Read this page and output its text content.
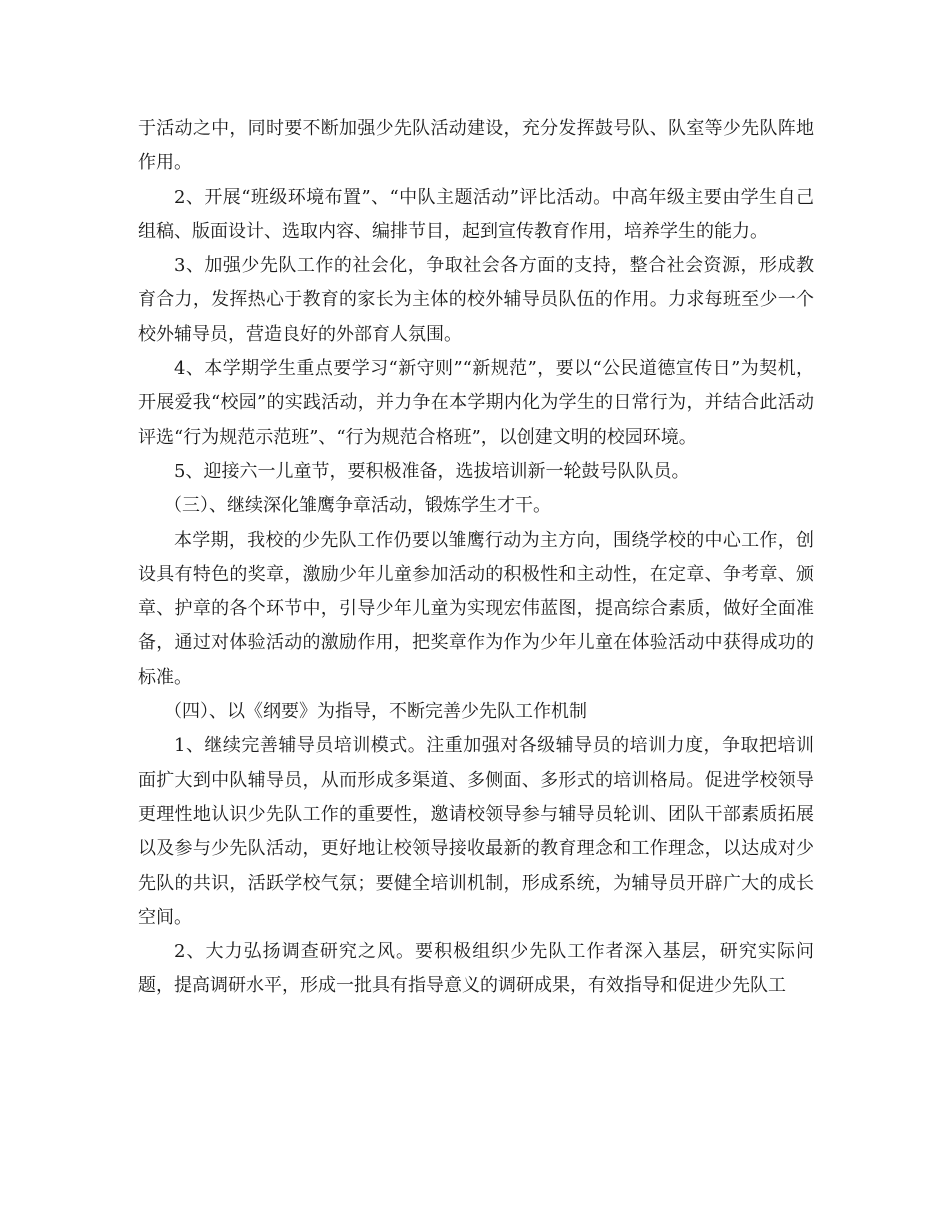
于活动之中，同时要不断加强少先队活动建设，充分发挥鼓号队、队室等少先队阵地作用。

2、开展“班级环境布置”、“中队主题活动”评比活动。中高年级主要由学生自己组稿、版面设计、选取内容、编排节目，起到宣传教育作用，培养学生的能力。

3、加强少先队工作的社会化，争取社会各方面的支持，整合社会资源，形成教育合力，发挥热心于教育的家长为主体的校外辅导员队伍的作用。力求每班至少一个校外辅导员，营造良好的外部育人氛围。

4、本学期学生重点要学习“新守则”“新规范”，要以“公民道德宣传日”为契机，开展爱我“校园”的实践活动，并力争在本学期内化为学生的日常行为，并结合此活动评选“行为规范示范班”、“行为规范合格班”，以创建文明的校园环境。

5、迎接六一儿童节，要积极准备，选拔培训新一轮鼓号队队员。

（三）、继续深化雏鹰争章活动，锻炼学生才干。

本学期，我校的少先队工作仍要以雏鹰行动为主方向，围绕学校的中心工作，创设具有特色的奖章，激励少年儿童参加活动的积极性和主动性，在定章、争考章、颁章、护章的各个环节中，引导少年儿童为实现宏伟蓝图，提高综合素质，做好全面准备，通过对体验活动的激励作用，把奖章作为作为少年儿童在体验活动中获得成功的标准。

（四）、以《纲要》为指导，不断完善少先队工作机制

1、继续完善辅导员培训模式。注重加强对各级辅导员的培训力度，争取把培训面扩大到中队辅导员，从而形成多渠道、多侧面、多形式的培训格局。促进学校领导更理性地认识少先队工作的重要性，邀请校领导参与辅导员轮训、团队干部素质拓展以及参与少先队活动，更好地让校领导接收最新的教育理念和工作理念，以达成对少先队的共识，活跃学校气氛；要健全培训机制，形成系统，为辅导员开辟广大的成长空间。

2、大力弘扬调查研究之风。要积极组织少先队工作者深入基层，研究实际问题，提高调研水平，形成一批具有指导意义的调研成果，有效指导和促进少先队工
